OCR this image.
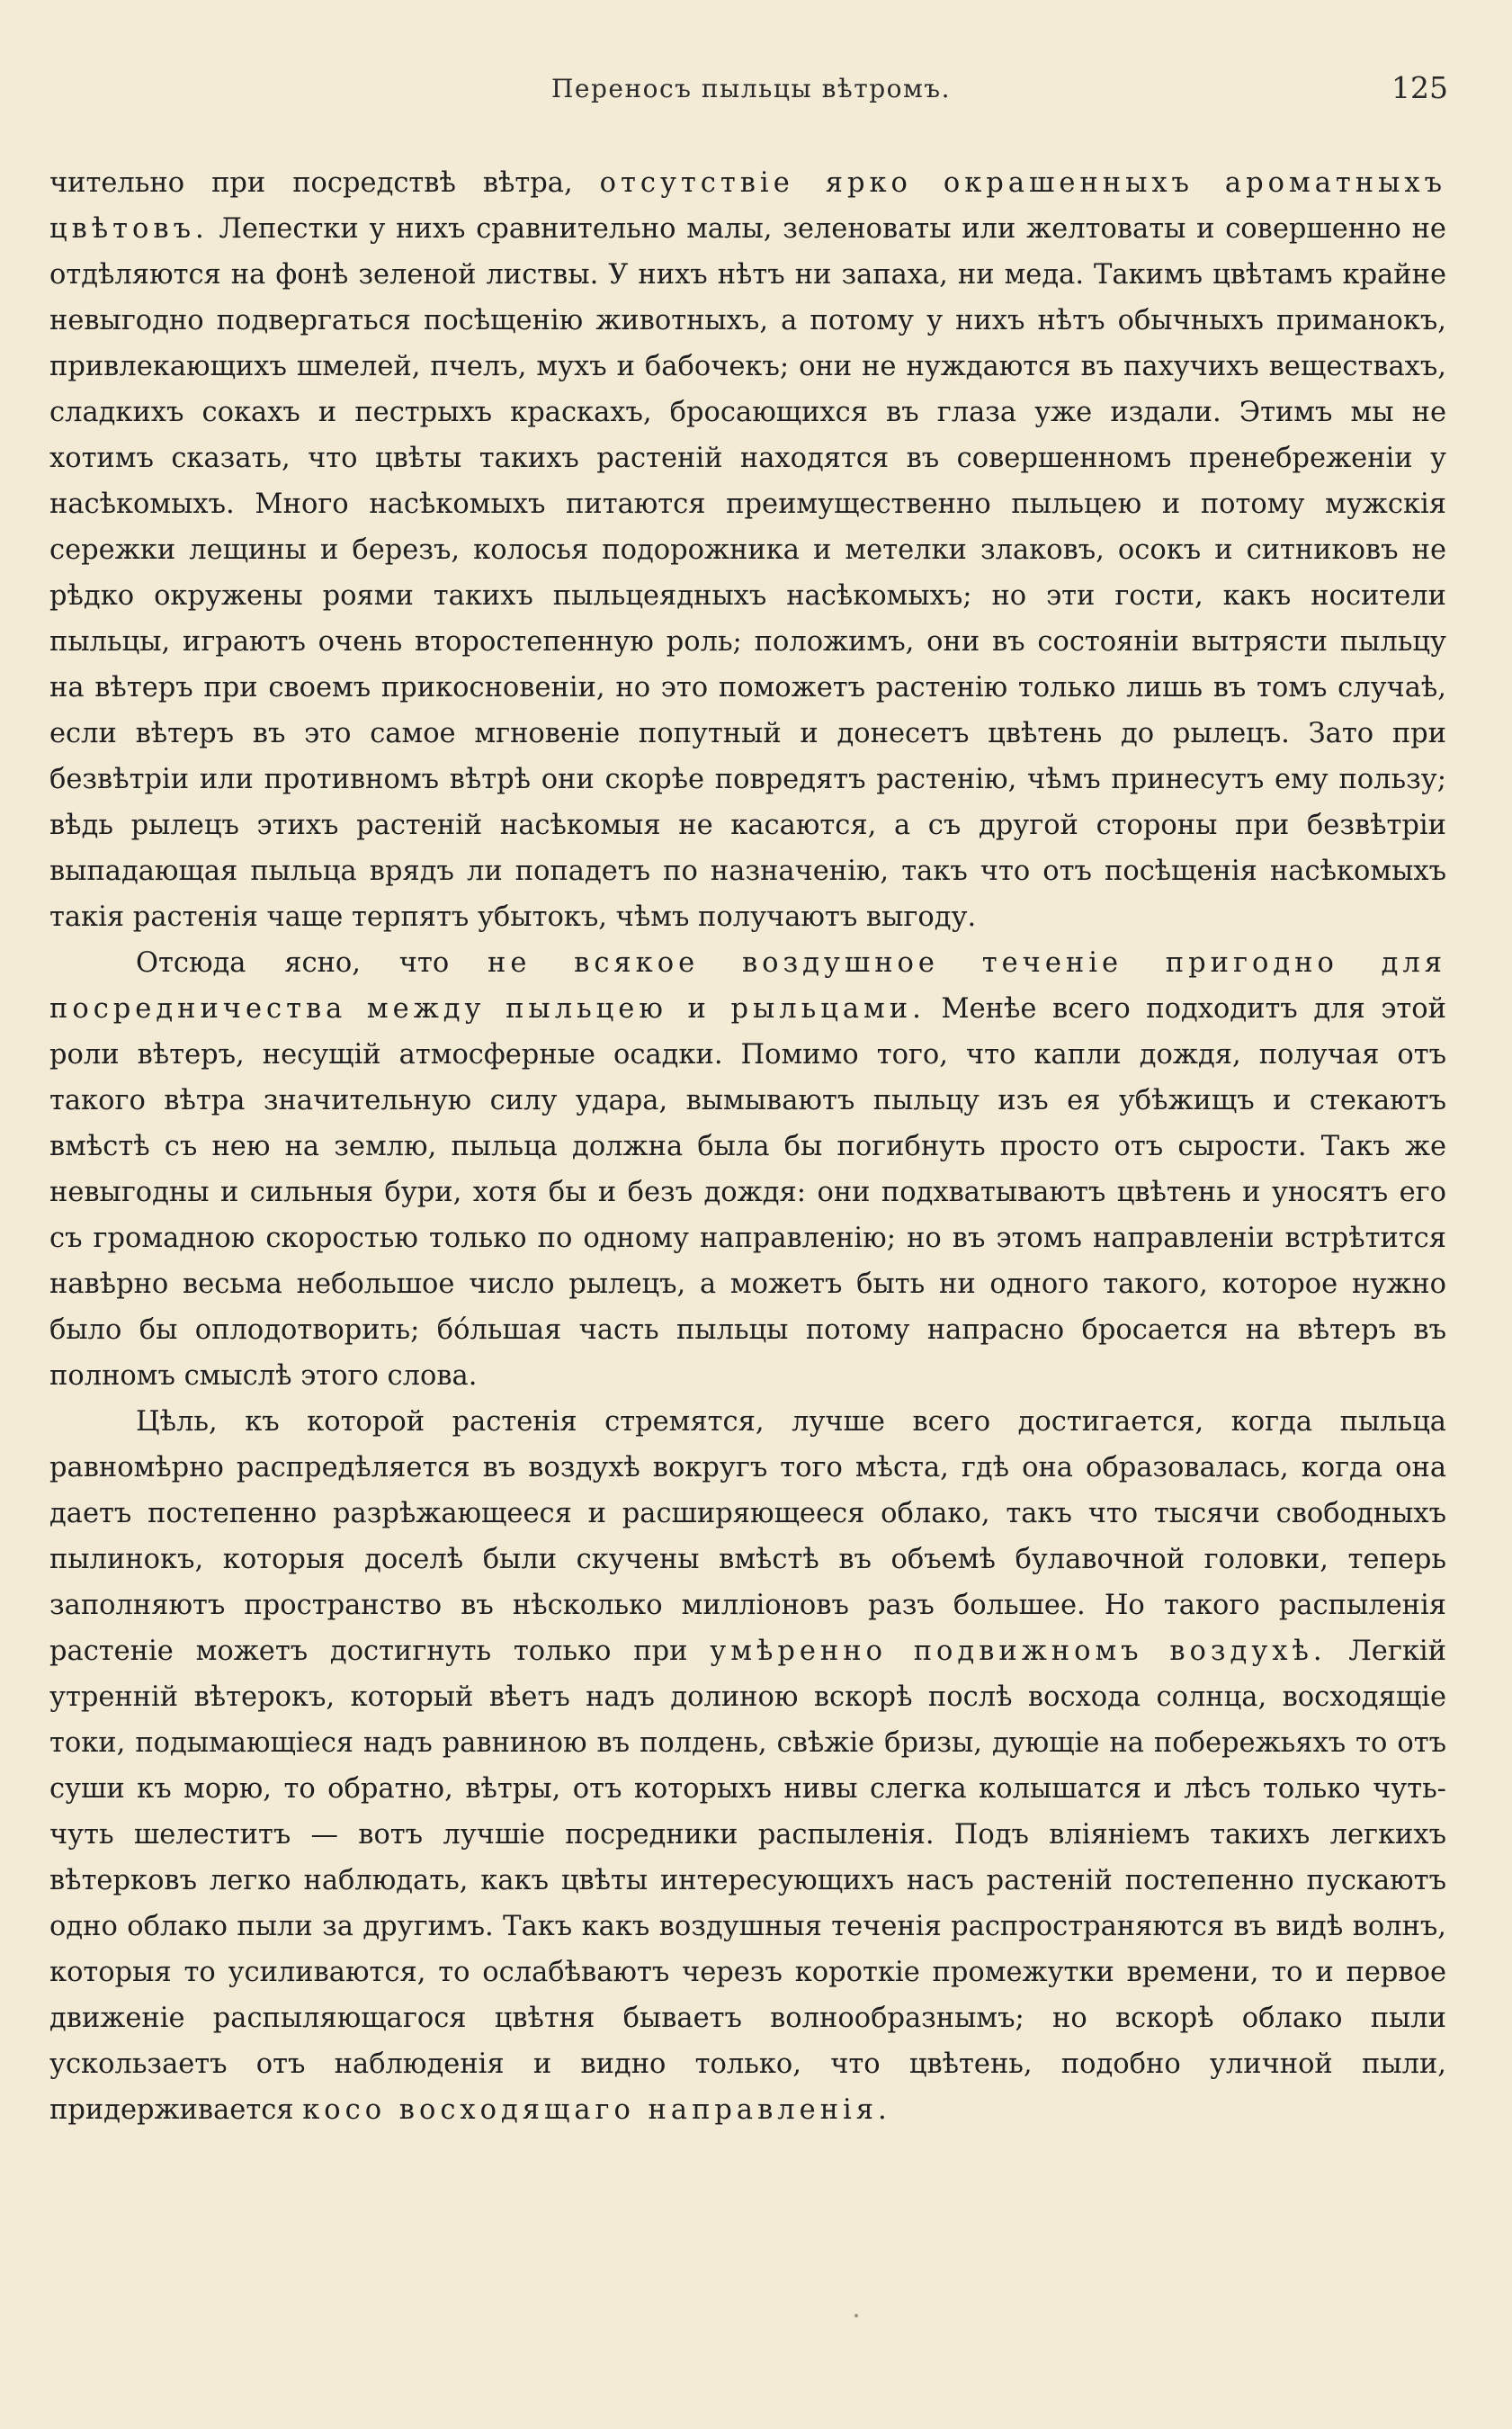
Переносъ пыльцы вѣтромъ.	125

чительно при посредствѣ вѣтра, отсутствіе ярко окрашенныхъ ароматныхъ цвѣтовъ. Лепестки у нихъ сравнительно малы, зеленоваты или желтоваты и совершенно не отдѣляются на фонѣ зеленой листвы. У нихъ нѣтъ ни запаха, ни меда. Такимъ цвѣтамъ крайне невыгодно подвергаться посѣщенію животныхъ, а потому у нихъ нѣтъ обычныхъ приманокъ, привлекающихъ шмелей, пчелъ, мухъ и бабочекъ; они не нуждаются въ пахучихъ веществахъ, сладкихъ сокахъ и пестрыхъ краскахъ, бросающихся въ глаза уже издали. Этимъ мы не хотимъ сказать, что цвѣты такихъ растеній находятся въ совершенномъ пренебреженіи у насѣкомыхъ. Много насѣкомыхъ питаются преимущественно пыльцею и потому мужскія сережки лещины и березъ, колосья подорожника и метелки злаковъ, осокъ и ситниковъ не рѣдко окружены роями такихъ пыльцеядныхъ насѣкомыхъ; но эти гости, какъ носители пыльцы, играютъ очень второстепенную роль; положимъ, они въ состояніи вытрясти пыльцу на вѣтеръ при своемъ прикосновеніи, но это поможетъ растенію только лишь въ томъ случаѣ, если вѣтеръ въ это самое мгновеніе попутный и донесетъ цвѣтень до рылецъ. Зато при безвѣтріи или противномъ вѣтрѣ они скорѣе повредятъ растенію, чѣмъ принесутъ ему пользу; вѣдь рылецъ этихъ растеній насѣкомыя не касаются, а съ другой стороны при безвѣтріи выпадающая пыльца врядъ ли попадетъ по назначенію, такъ что отъ посѣщенія насѣкомыхъ такія растенія чаще терпятъ убытокъ, чѣмъ получаютъ выгоду.

Отсюда ясно, что не всякое воздушное теченіе пригодно для посредничества между пыльцею и рыльцами. Менѣе всего подходитъ для этой роли вѣтеръ, несущій атмосферные осадки. Помимо того, что капли дождя, получая отъ такого вѣтра значительную силу удара, вымываютъ пыльцу изъ ея убѣжищъ и стекаютъ вмѣстѣ съ нею на землю, пыльца должна была бы погибнуть просто отъ сырости. Такъ же невыгодны и сильныя бури, хотя бы и безъ дождя: они подхватываютъ цвѣтень и уносятъ его съ громадною скоростью только по одному направленію; но въ этомъ направленіи встрѣтится навѣрно весьма небольшое число рылецъ, а можетъ быть ни одного такого, которое нужно было бы оплодотворить; бóльшая часть пыльцы потому напрасно бросается на вѣтеръ въ полномъ смыслѣ этого слова.

Цѣль, къ которой растенія стремятся, лучше всего достигается, когда пыльца равномѣрно распредѣляется въ воздухѣ вокругъ того мѣста, гдѣ она образовалась, когда она даетъ постепенно разрѣжающееся и расширяющееся облако, такъ что тысячи свободныхъ пылинокъ, которыя доселѣ были скучены вмѣстѣ въ объемѣ булавочной головки, теперь заполняютъ пространство въ нѣсколько милліоновъ разъ большее. Но такого распыленія растеніе можетъ достигнуть только при умѣренно подвижномъ воздухѣ. Легкій утренній вѣтерокъ, который вѣетъ надъ долиною вскорѣ послѣ восхода солнца, восходящіе токи, подымающіеся надъ равниною въ полдень, свѣжіе бризы, дующіе на побережьяхъ то отъ суши къ морю, то обратно, вѣтры, отъ которыхъ нивы слегка колышатся и лѣсъ только чуть-чуть шелеститъ — вотъ лучшіе посредники распыленія. Подъ вліяніемъ такихъ легкихъ вѣтерковъ легко наблюдать, какъ цвѣты интересующихъ насъ растеній постепенно пускаютъ одно облако пыли за другимъ. Такъ какъ воздушныя теченія распространяются въ видѣ волнъ, которыя то усиливаются, то ослабѣваютъ черезъ короткіе промежутки времени, то и первое движеніе распыляющагося цвѣтня бываетъ волнообразнымъ; но вскорѣ облако пыли ускользаетъ отъ наблюденія и видно только, что цвѣтень, подобно уличной пыли, придерживается косо восходящаго направленія.
